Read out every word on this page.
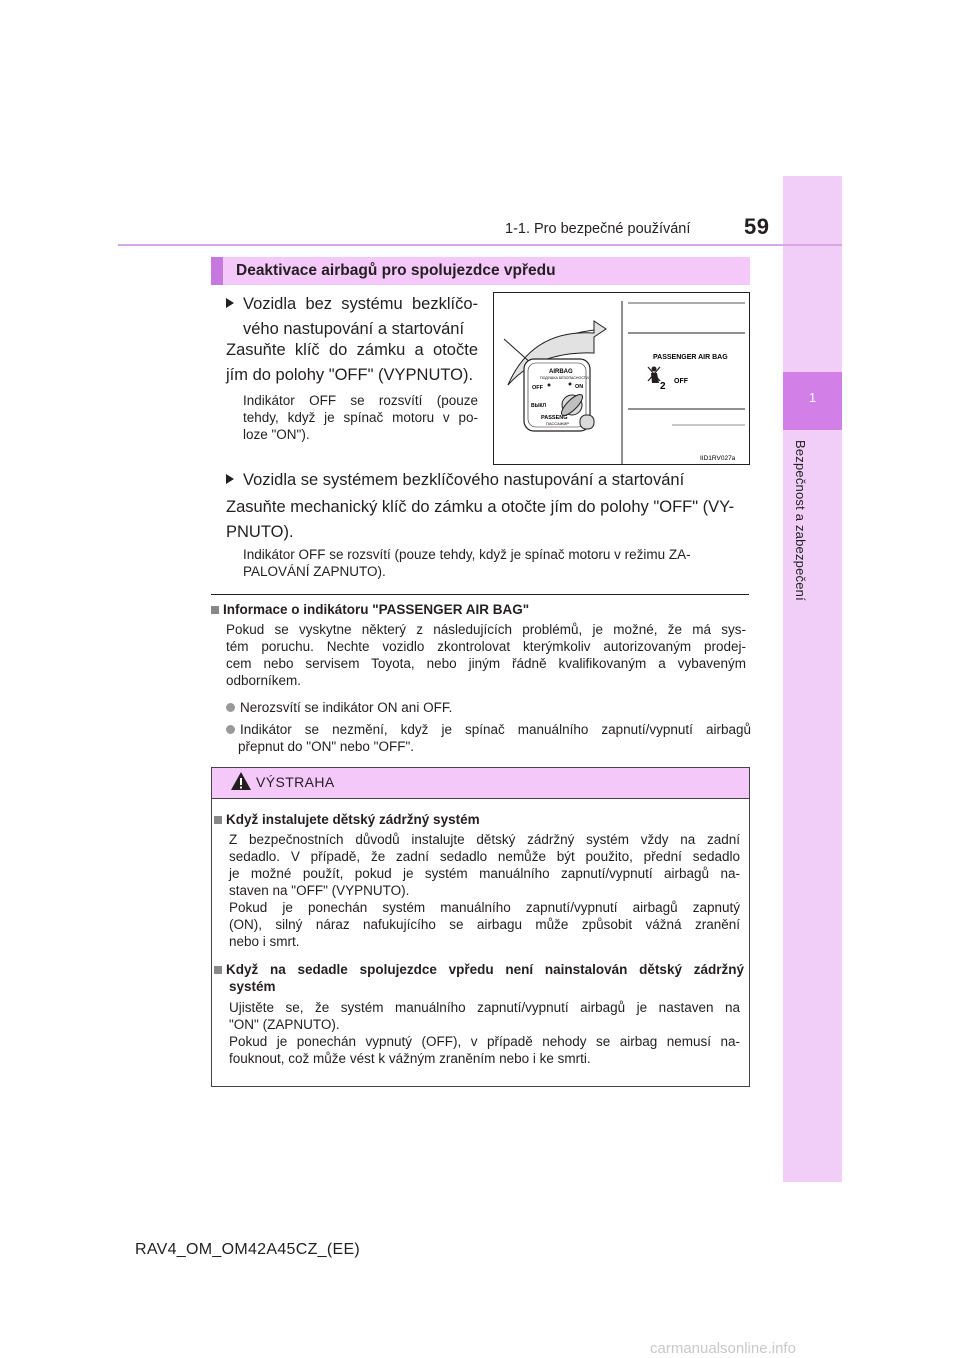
1
Bezpečnost a zabezpečení
1-1. Pro bezpečné používání 59
Deaktivace airbagů pro spolujezdce vpředu
Vozidla bez systému bezklíčo-
vého nastupování a startování
Zasuňte klíč do zámku a otočte
jím do polohy "OFF" (VYPNUTO).
Indikátor OFF se rozsvítí (pouze
tehdy, když je spínač motoru v po-
loze "ON").
AIRBAG
ПОДУШКА БЕЗОПАСНОСТИ
OFF	ON
ВЫКЛ
PASSENG
ПАССАЖИР
PASSENGER AIR BAG
2 OFF
IID1RV027a
Vozidla se systémem bezklíčového nastupování a startování
Zasuňte mechanický klíč do zámku a otočte jím do polohy "OFF" (VY-
PNUTO).
Indikátor OFF se rozsvítí (pouze tehdy, když je spínač motoru v režimu ZA-
PALOVÁNÍ ZAPNUTO).
Informace o indikátoru "PASSENGER AIR BAG"
Pokud se vyskytne některý z následujících problémů, je možné, že má sys-
tém poruchu. Nechte vozidlo zkontrolovat kterýmkoliv autorizovaným prodej-
cem nebo servisem Toyota, nebo jiným řádně kvalifikovaným a vybaveným
odborníkem.
Nerozsvítí se indikátor ON ani OFF.
Indikátor se nezmění, když je spínač manuálního zapnutí/vypnutí airbagů
přepnut do "ON" nebo "OFF".
VÝSTRAHA
Když instalujete dětský zádržný systém
Z bezpečnostních důvodů instalujte dětský zádržný systém vždy na zadní
sedadlo. V případě, že zadní sedadlo nemůže být použito, přední sedadlo
je možné použít, pokud je systém manuálního zapnutí/vypnutí airbagů na-
staven na "OFF" (VYPNUTO).
Pokud je ponechán systém manuálního zapnutí/vypnutí airbagů zapnutý
(ON), silný náraz nafukujícího se airbagu může způsobit vážná zranění
nebo i smrt.
Když na sedadle spolujezdce vpředu není nainstalován dětský zádržný
systém
Ujistěte se, že systém manuálního zapnutí/vypnutí airbagů je nastaven na
"ON" (ZAPNUTO).
Pokud je ponechán vypnutý (OFF), v případě nehody se airbag nemusí na-
fouknout, což může vést k vážným zraněním nebo i ke smrti.
RAV4_OM_OM42A45CZ_(EE)
carmanualsonline.info
